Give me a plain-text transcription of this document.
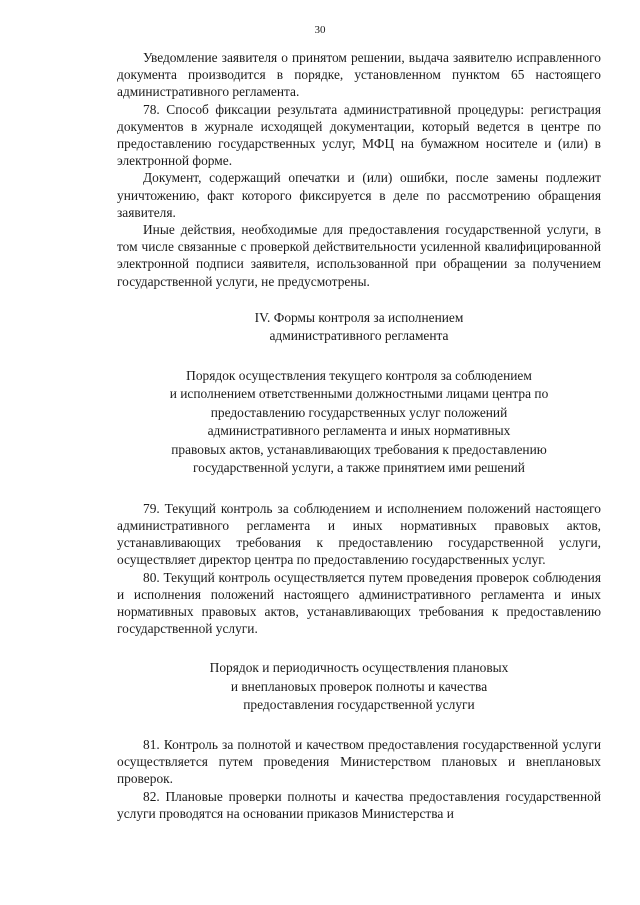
30

Уведомление заявителя о принятом решении, выдача заявителю исправленного документа производится в порядке, установленном пунктом 65 настоящего административного регламента.

78. Способ фиксации результата административной процедуры: регистрация документов в журнале исходящей документации, который ведется в центре по предоставлению государственных услуг, МФЦ на бумажном носителе и (или) в электронной форме.

Документ, содержащий опечатки и (или) ошибки, после замены подлежит уничтожению, факт которого фиксируется в деле по рассмотрению обращения заявителя.

Иные действия, необходимые для предоставления государственной услуги, в том числе связанные с проверкой действительности усиленной квалифицированной электронной подписи заявителя, использованной при обращении за получением государственной услуги, не предусмотрены.

IV. Формы контроля за исполнением
административного регламента
Порядок осуществления текущего контроля за соблюдением
и исполнением ответственными должностными лицами центра по
предоставлению государственных услуг положений
административного регламента и иных нормативных
правовых актов, устанавливающих требования к предоставлению
государственной услуги, а также принятием ими решений

79. Текущий контроль за соблюдением и исполнением положений настоящего административного регламента и иных нормативных правовых актов, устанавливающих требования к предоставлению государственной услуги, осуществляет директор центра по предоставлению государственных услуг.

80. Текущий контроль осуществляется путем проведения проверок соблюдения и исполнения положений настоящего административного регламента и иных нормативных правовых актов, устанавливающих требования к предоставлению государственной услуги.

Порядок и периодичность осуществления плановых
и внеплановых проверок полноты и качества
предоставления государственной услуги

81. Контроль за полнотой и качеством предоставления государственной услуги осуществляется путем проведения Министерством плановых и внеплановых проверок.

82. Плановые проверки полноты и качества предоставления государственной услуги проводятся на основании приказов Министерства и
